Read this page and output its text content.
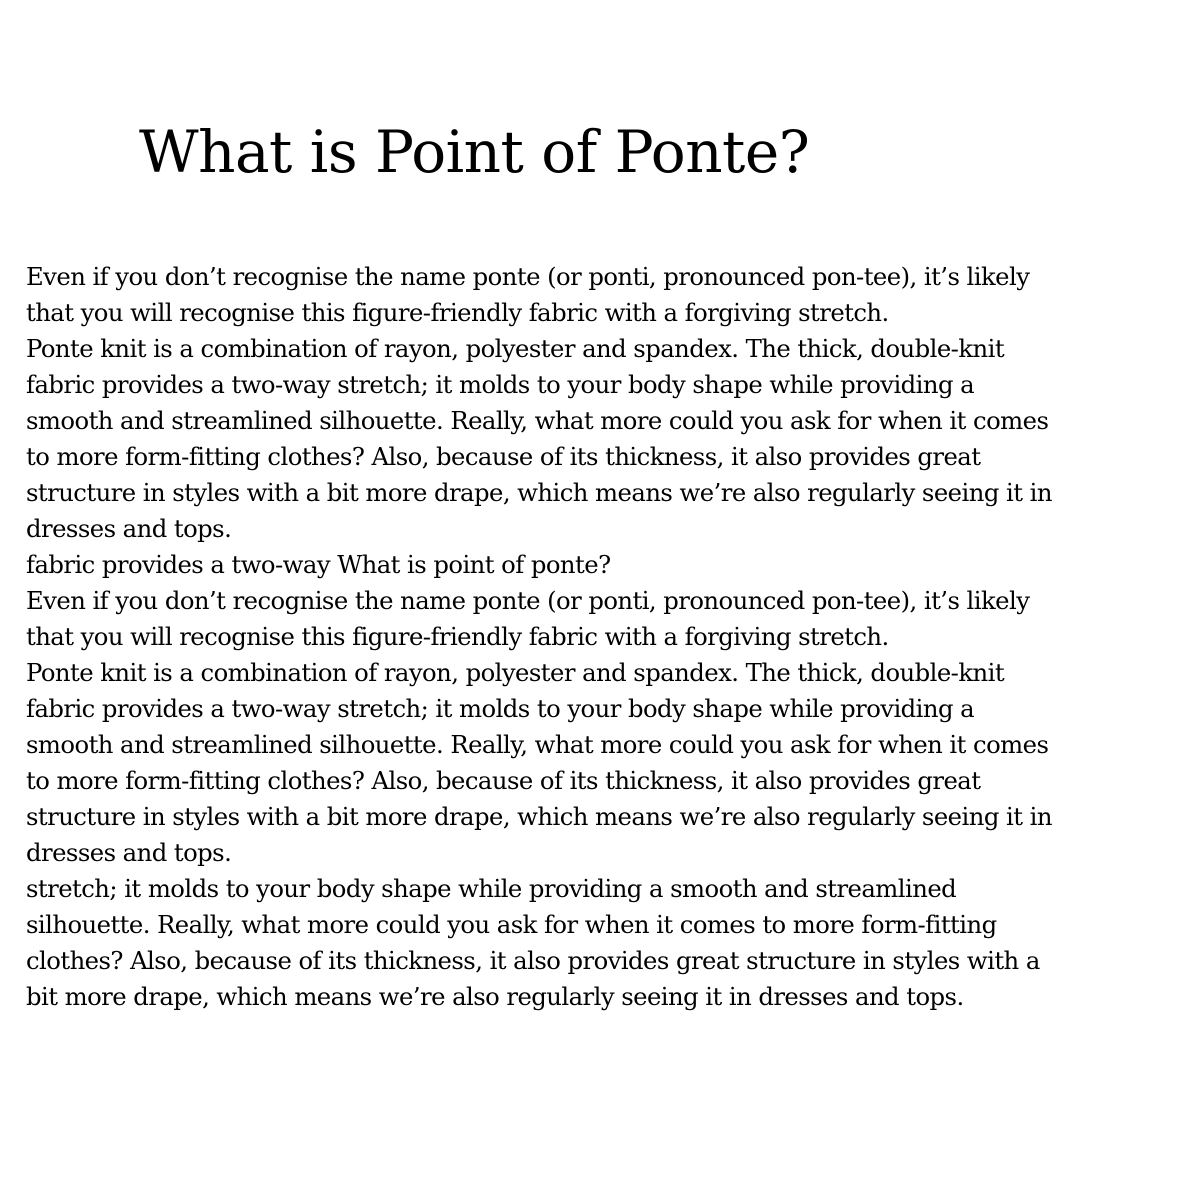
What is Point of Ponte?
Even if you don’t recognise the name ponte (or ponti, pronounced pon-tee), it’s likely
that you will recognise this figure-friendly fabric with a forgiving stretch.
Ponte knit is a combination of rayon, polyester and spandex. The thick, double-knit
fabric provides a two-way stretch; it molds to your body shape while providing a
smooth and streamlined silhouette. Really, what more could you ask for when it comes
to more form-fitting clothes? Also, because of its thickness, it also provides great
structure in styles with a bit more drape, which means we’re also regularly seeing it in
dresses and tops.
fabric provides a two-way What is point of ponte?
Even if you don’t recognise the name ponte (or ponti, pronounced pon-tee), it’s likely
that you will recognise this figure-friendly fabric with a forgiving stretch.
Ponte knit is a combination of rayon, polyester and spandex. The thick, double-knit
fabric provides a two-way stretch; it molds to your body shape while providing a
smooth and streamlined silhouette. Really, what more could you ask for when it comes
to more form-fitting clothes? Also, because of its thickness, it also provides great
structure in styles with a bit more drape, which means we’re also regularly seeing it in
dresses and tops.
stretch; it molds to your body shape while providing a smooth and streamlined
silhouette. Really, what more could you ask for when it comes to more form-fitting
clothes? Also, because of its thickness, it also provides great structure in styles with a
bit more drape, which means we’re also regularly seeing it in dresses and tops.
